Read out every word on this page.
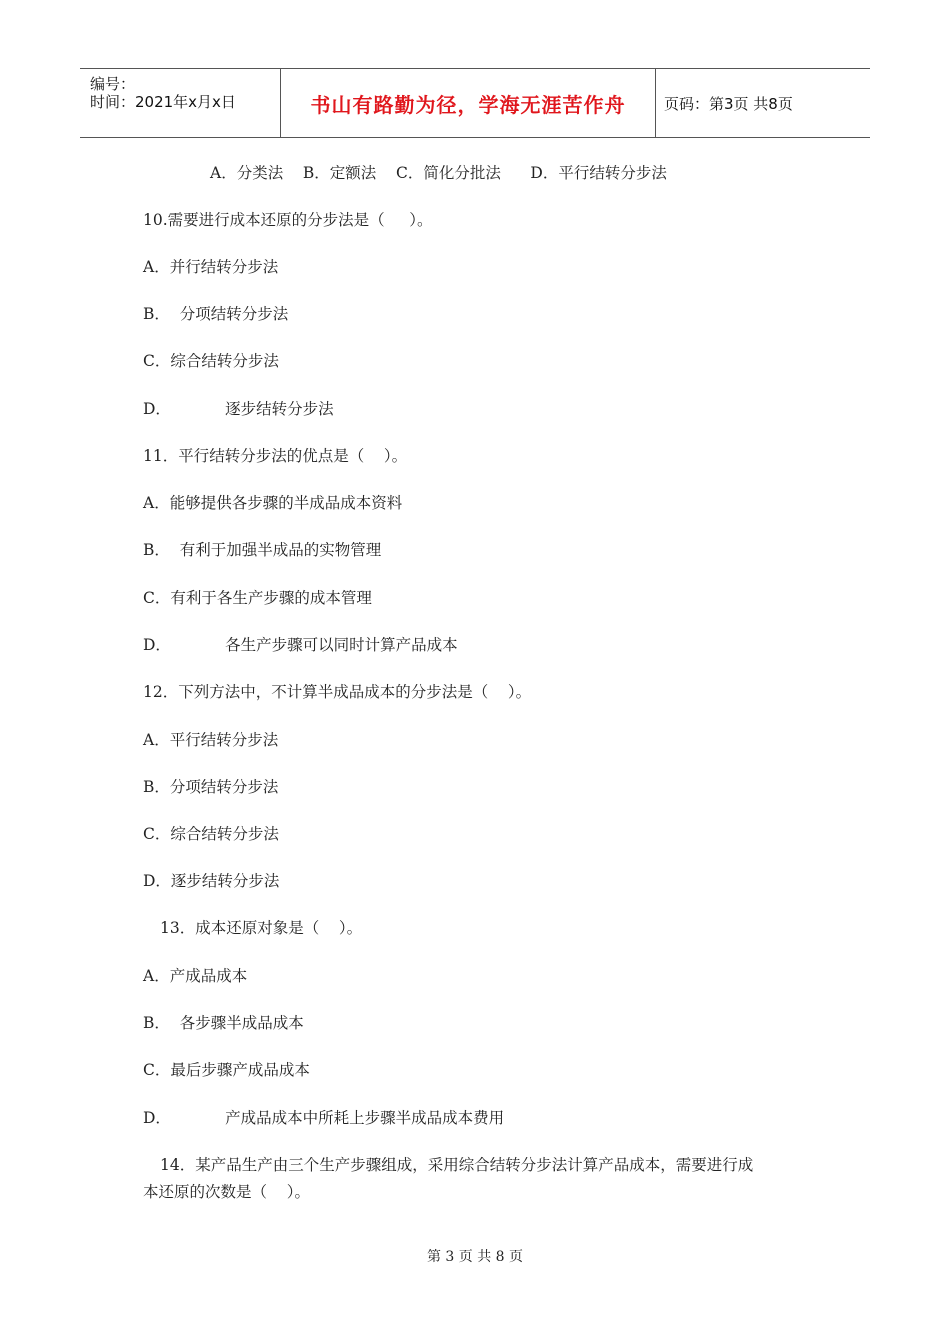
编号：
时间：2021年x月x日	书山有路勤为径，学海无涯苦作舟	页码：第3页 共8页
A．分类法    B．定额法    C．简化分批法      D．平行结转分步法
10.需要进行成本还原的分步法是（     ）。
A．并行结转分步法
B．  分项结转分步法
C．综合结转分步法
D．           逐步结转分步法
11．平行结转分步法的优点是（    ）。
A．能够提供各步骤的半成品成本资料
B．  有利于加强半成品的实物管理
C．有利于各生产步骤的成本管理
D．           各生产步骤可以同时计算产品成本
12．下列方法中，不计算半成品成本的分步法是（    ）。
A．平行结转分步法
B．分项结转分步法
C．综合结转分步法
D．逐步结转分步法
13．成本还原对象是（    ）。
A．产成品成本
B．  各步骤半成品成本
C．最后步骤产成品成本
D．           产成品成本中所耗上步骤半成品成本费用
14．某产品生产由三个生产步骤组成，采用综合结转分步法计算产品成本，需要进行成
本还原的次数是（    ）。
第 3 页 共 8 页
